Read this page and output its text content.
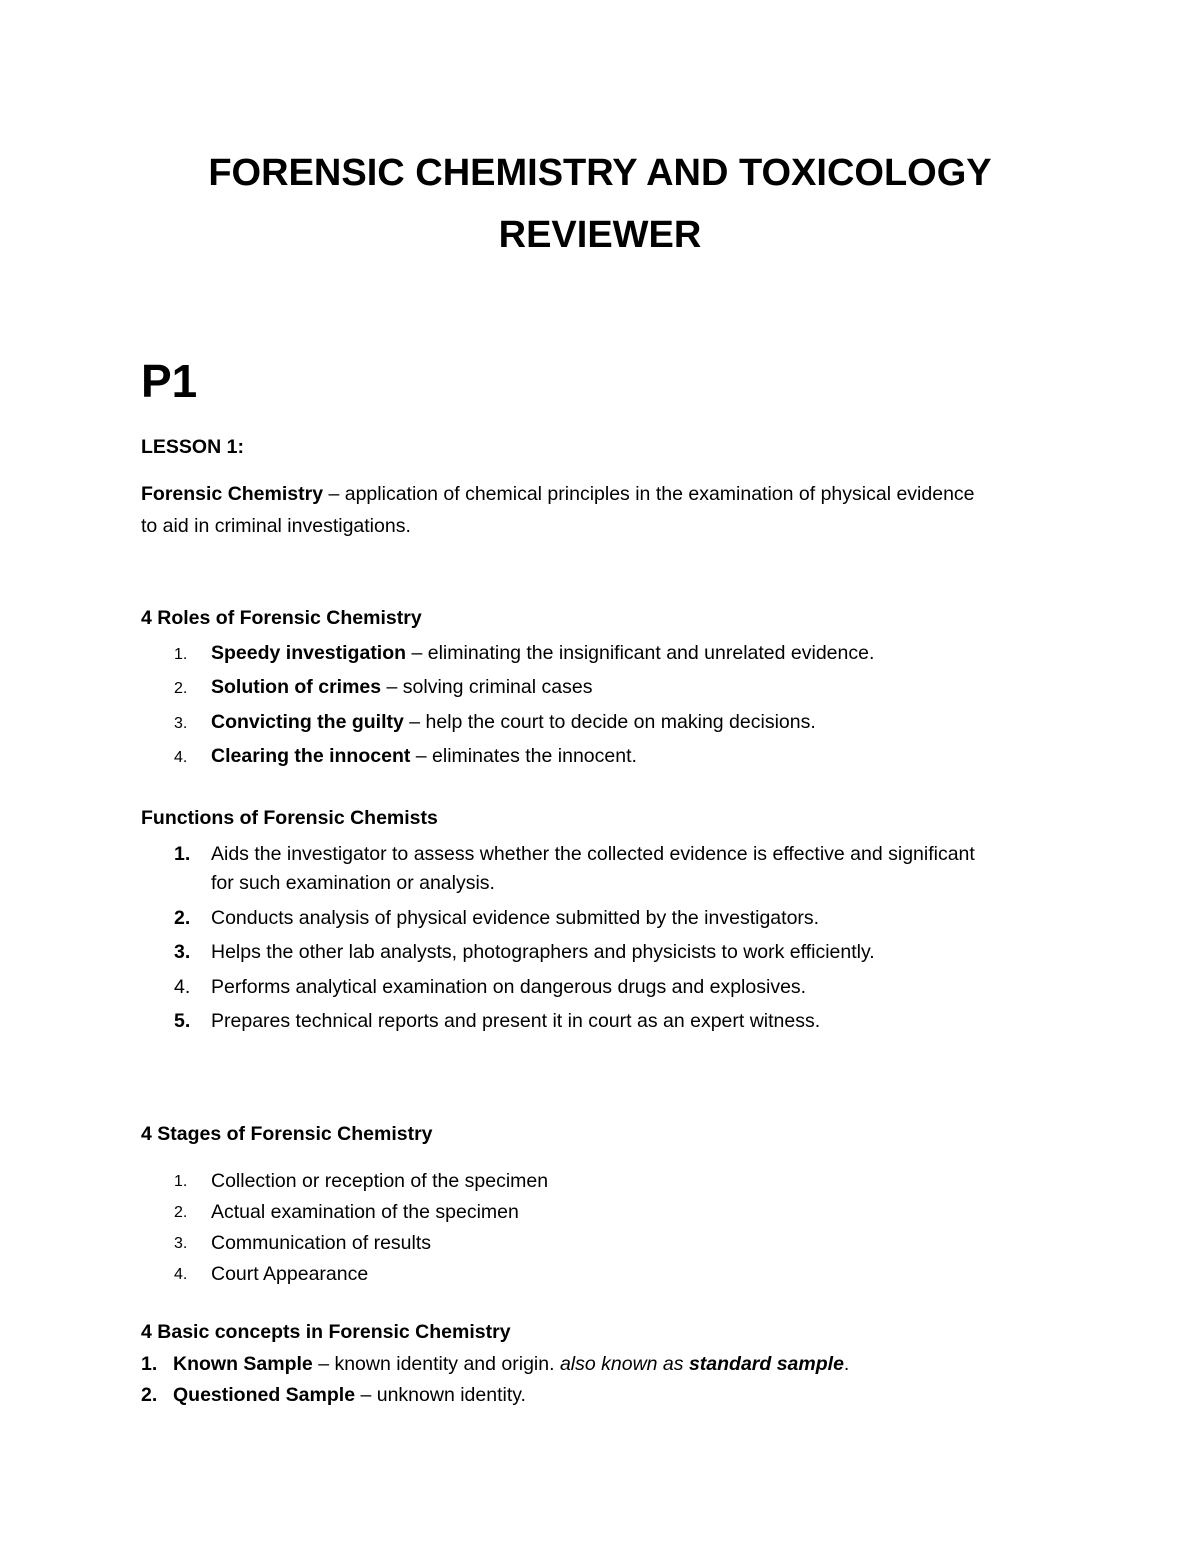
FORENSIC CHEMISTRY AND TOXICOLOGY
REVIEWER
P1
LESSON 1:
Forensic Chemistry – application of chemical principles in the examination of physical evidence
to aid in criminal investigations.
4 Roles of Forensic Chemistry
1. Speedy investigation – eliminating the insignificant and unrelated evidence.
2. Solution of crimes – solving criminal cases
3. Convicting the guilty – help the court to decide on making decisions.
4. Clearing the innocent – eliminates the innocent.
Functions of Forensic Chemists
1. Aids the investigator to assess whether the collected evidence is effective and significant
for such examination or analysis.
2. Conducts analysis of physical evidence submitted by the investigators.
3. Helps the other lab analysts, photographers and physicists to work efficiently.
4. Performs analytical examination on dangerous drugs and explosives.
5. Prepares technical reports and present it in court as an expert witness.
4 Stages of Forensic Chemistry
1. Collection or reception of the specimen
2. Actual examination of the specimen
3. Communication of results
4. Court Appearance
4 Basic concepts in Forensic Chemistry
1. Known Sample – known identity and origin. also known as standard sample.
2. Questioned Sample – unknown identity.
